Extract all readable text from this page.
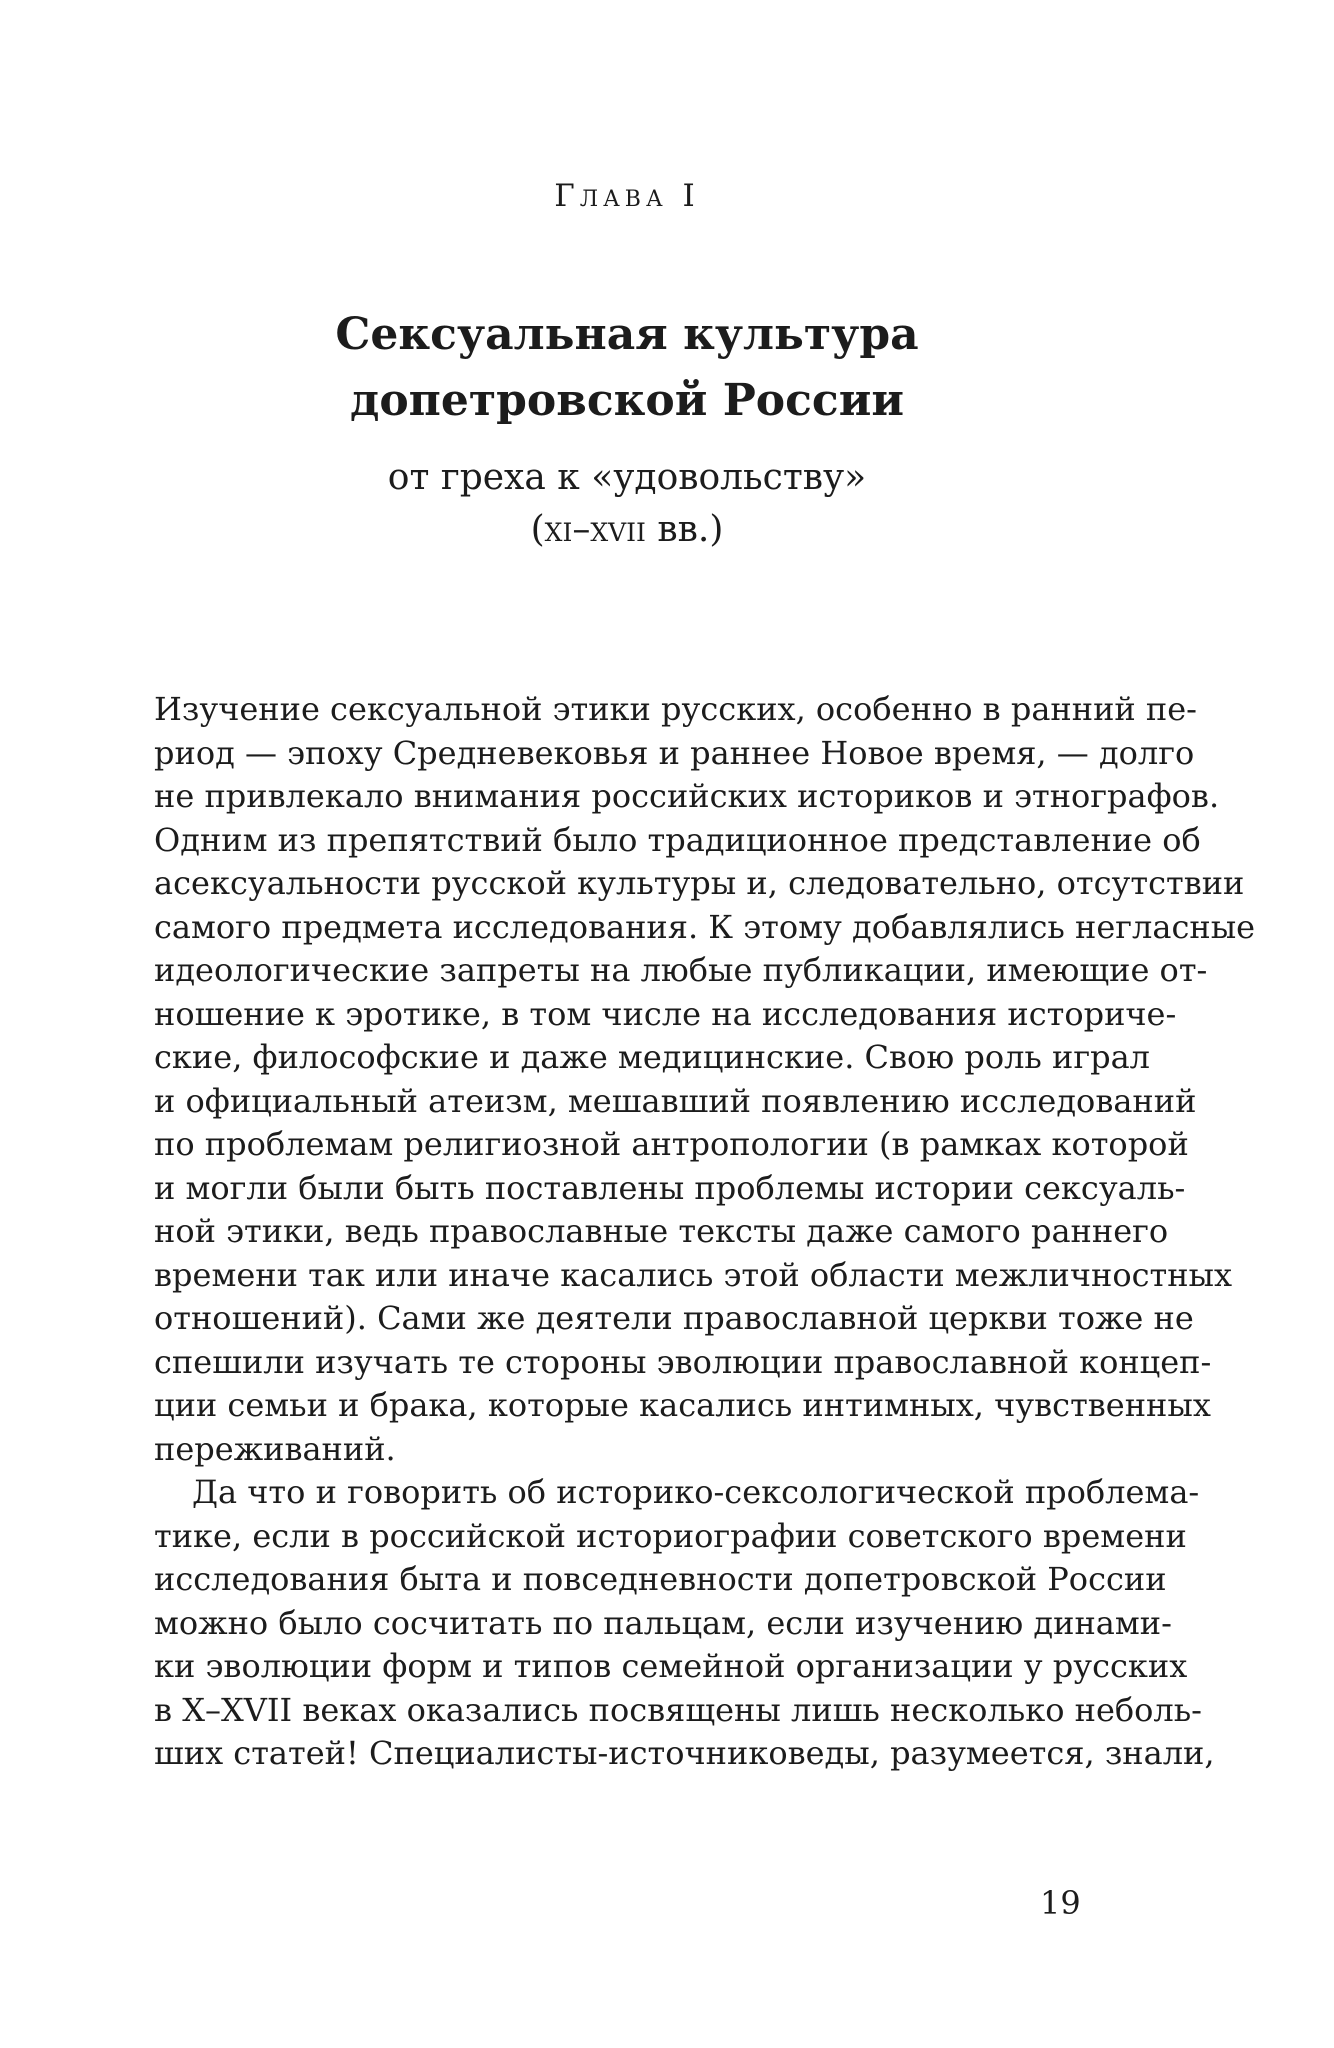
Глава I
Сексуальная культура
допетровской России
от греха к «удовольству»
(xi–xvii вв.)
Изучение сексуальной этики русских, особенно в ранний пе-
риод — эпоху Средневековья и раннее Новое время, — долго
не привлекало внимания российских историков и этнографов.
Одним из препятствий было традиционное представление об
асексуальности русской культуры и, следовательно, отсутствии
самого предмета исследования. К этому добавлялись негласные
идеологические запреты на любые публикации, имеющие от-
ношение к эротике, в том числе на исследования историче-
ские, философские и даже медицинские. Свою роль играл
и официальный атеизм, мешавший появлению исследований
по проблемам религиозной антропологии (в рамках которой
и могли были быть поставлены проблемы истории сексуаль-
ной этики, ведь православные тексты даже самого раннего
времени так или иначе касались этой области межличностных
отношений). Сами же деятели православной церкви тоже не
спешили изучать те стороны эволюции православной концеп-
ции семьи и брака, которые касались интимных, чувственных
переживаний.
Да что и говорить об историко-сексологической проблема-
тике, если в российской историографии советского времени
исследования быта и повседневности допетровской России
можно было сосчитать по пальцам, если изучению динами-
ки эволюции форм и типов семейной организации у русских
в X–XVII веках оказались посвящены лишь несколько неболь-
ших статей! Специалисты-источниковеды, разумеется, знали,
19
